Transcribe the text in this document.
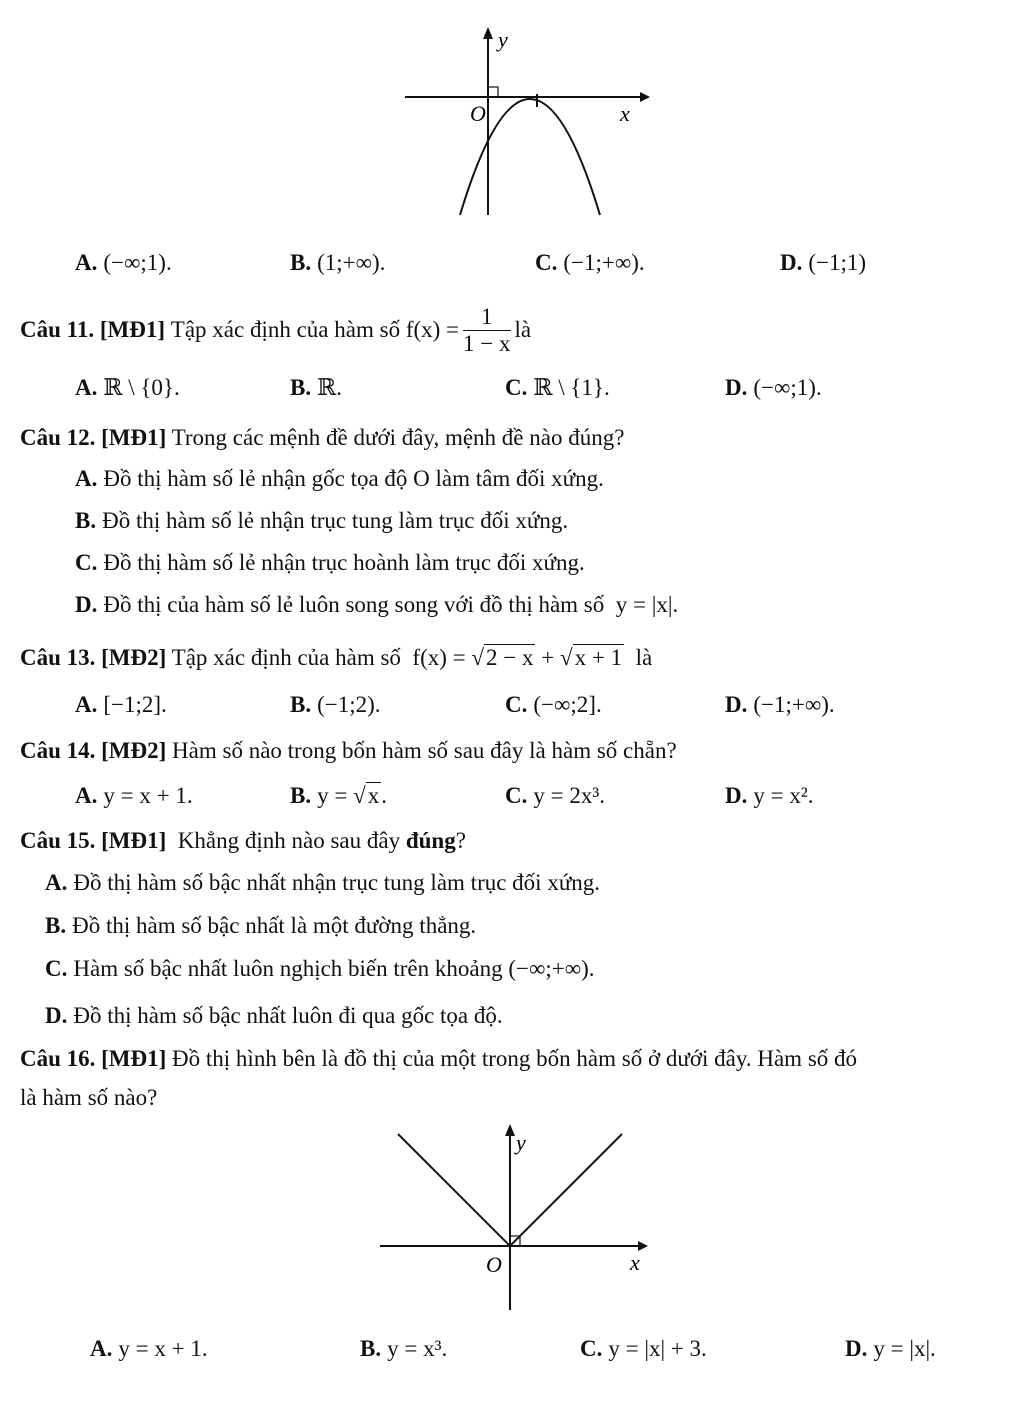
y
x
O
A. (−∞;1).	B. (1;+∞).	C. (−1;+∞).	D. (−1;1)
Câu 11. [MĐ1]
Tập xác định của hàm số
$f(x) = \frac{1}{1 - x}$ là
A. ℝ \ {0}.	B. ℝ.	C. ℝ \ {1}.	D. (−∞;1).
Câu 12. [MĐ1] Trong các mệnh đề dưới đây, mệnh đề nào đúng?
A. Đồ thị hàm số lẻ nhận gốc tọa độ O làm tâm đối xứng.
B. Đồ thị hàm số lẻ nhận trục tung làm trục đối xứng.
C. Đồ thị hàm số lẻ nhận trục hoành làm trục đối xứng.
D. Đồ thị của hàm số lẻ luôn song song với đồ thị hàm số y = |x|.
Câu 13. [MĐ2] Tập xác định của hàm số f(x) = √2 − x + √x + 1 là
A. [−1;2].	B. (−1;2).	C. (−∞;2].	D. (−1;+∞).
Câu 14. [MĐ2] Hàm số nào trong bốn hàm số sau đây là hàm số chẵn?
A. y = x + 1.	B. y = √x.	C. y = 2x³.	D. y = x².
Câu 15. [MĐ1] Khẳng định nào sau đây đúng?
A. Đồ thị hàm số bậc nhất nhận trục tung làm trục đối xứng.
B. Đồ thị hàm số bậc nhất là một đường thẳng.
C. Hàm số bậc nhất luôn nghịch biến trên khoảng (−∞;+∞).
D. Đồ thị hàm số bậc nhất luôn đi qua gốc tọa độ.
Câu 16. [MĐ1] Đồ thị hình bên là đồ thị của một trong bốn hàm số ở dưới đây. Hàm số đó
là hàm số nào?
y
x
O
A. y = x + 1.	B. y = x³.	C. y = |x| + 3.	D. y = |x|.
